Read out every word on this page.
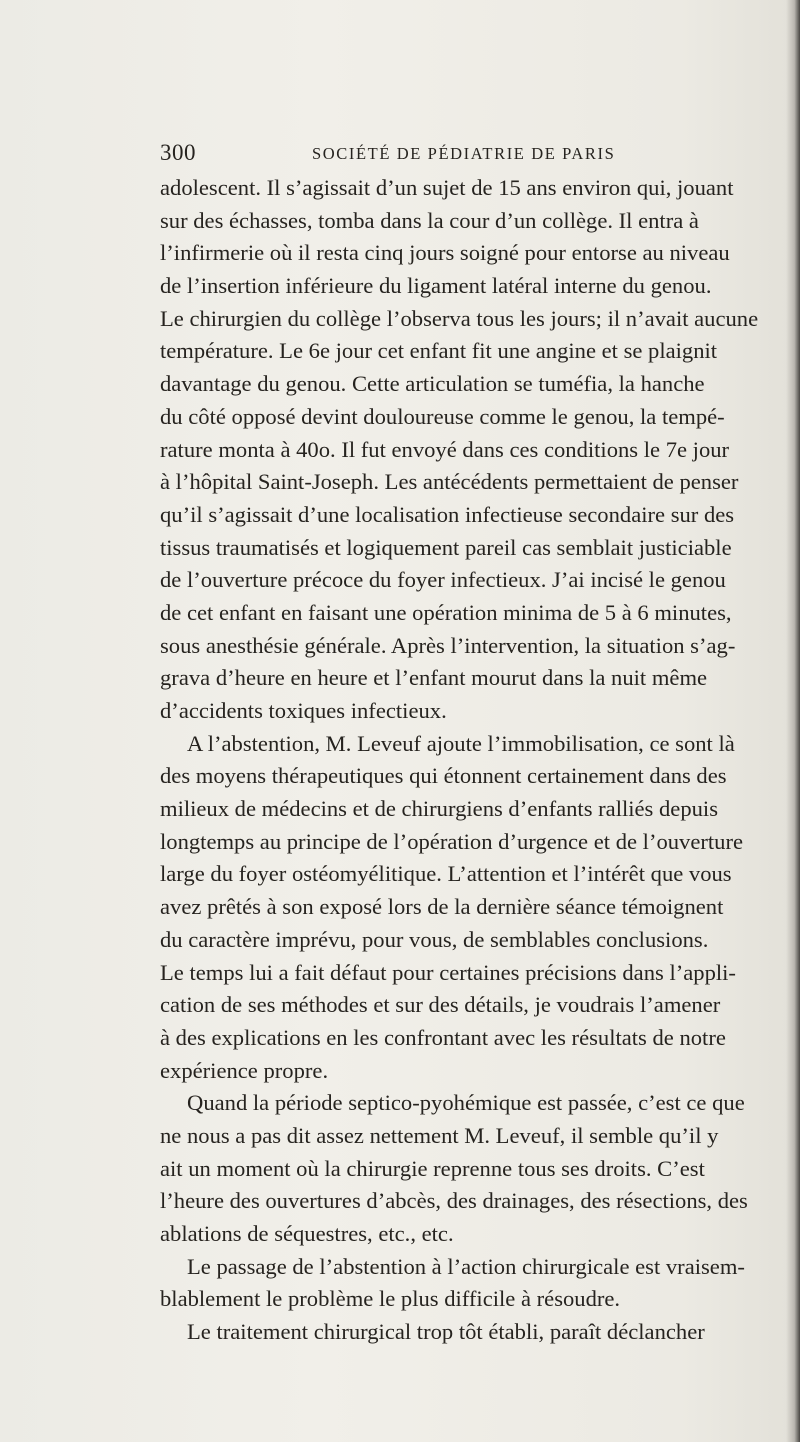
300	SOCIÉTÉ DE PÉDIATRIE DE PARIS
adolescent. Il s’agissait d’un sujet de 15 ans environ qui, jouant
sur des échasses, tomba dans la cour d’un collège. Il entra à
l’infirmerie où il resta cinq jours soigné pour entorse au niveau
de l’insertion inférieure du ligament latéral interne du genou.
Le chirurgien du collège l’observa tous les jours; il n’avait aucune
température. Le 6e jour cet enfant fit une angine et se plaignit
davantage du genou. Cette articulation se tuméfia, la hanche
du côté opposé devint douloureuse comme le genou, la tempé-
rature monta à 40o. Il fut envoyé dans ces conditions le 7e jour
à l’hôpital Saint-Joseph. Les antécédents permettaient de penser
qu’il s’agissait d’une localisation infectieuse secondaire sur des
tissus traumatisés et logiquement pareil cas semblait justiciable
de l’ouverture précoce du foyer infectieux. J’ai incisé le genou
de cet enfant en faisant une opération minima de 5 à 6 minutes,
sous anesthésie générale. Après l’intervention, la situation s’ag-
grava d’heure en heure et l’enfant mourut dans la nuit même
d’accidents toxiques infectieux.
A l’abstention, M. Leveuf ajoute l’immobilisation, ce sont là
des moyens thérapeutiques qui étonnent certainement dans des
milieux de médecins et de chirurgiens d’enfants ralliés depuis
longtemps au principe de l’opération d’urgence et de l’ouverture
large du foyer ostéomyélitique. L’attention et l’intérêt que vous
avez prêtés à son exposé lors de la dernière séance témoignent
du caractère imprévu, pour vous, de semblables conclusions.
Le temps lui a fait défaut pour certaines précisions dans l’appli-
cation de ses méthodes et sur des détails, je voudrais l’amener
à des explications en les confrontant avec les résultats de notre
expérience propre.
Quand la période septico-pyohémique est passée, c’est ce que
ne nous a pas dit assez nettement M. Leveuf, il semble qu’il y
ait un moment où la chirurgie reprenne tous ses droits. C’est
l’heure des ouvertures d’abcès, des drainages, des résections, des
ablations de séquestres, etc., etc.
Le passage de l’abstention à l’action chirurgicale est vraisem-
blablement le problème le plus difficile à résoudre.
Le traitement chirurgical trop tôt établi, paraît déclancher
